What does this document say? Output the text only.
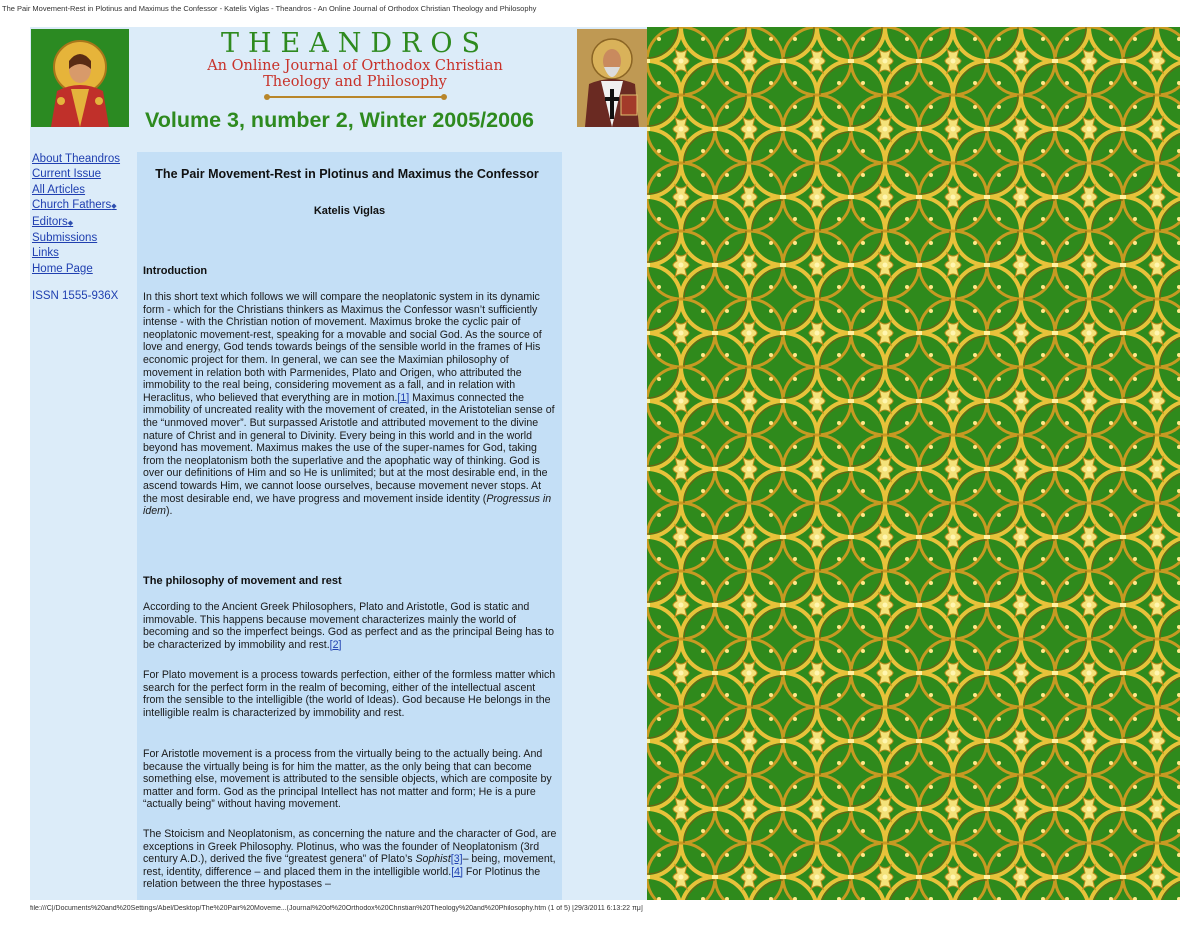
The Pair Movement-Rest in Plotinus and Maximus the Confessor - Katelis Viglas - Theandros - An Online Journal of Orthodox Christian Theology and Philosophy
THEANDROS
An Online Journal of Orthodox Christian
Theology and Philosophy
Volume 3, number 2, Winter 2005/2006
About Theandros
Current Issue
All Articles
Church Fathers◆
Editors◆
Submissions
Links
Home Page
ISSN 1555-936X
The Pair Movement-Rest in Plotinus and Maximus the Confessor
Katelis Viglas
Introduction
In this short text which follows we will compare the neoplatonic system in its dynamic form - which for the Christians thinkers as Maximus the Confessor wasn’t sufficiently intense - with the Christian notion of movement. Maximus broke the cyclic pair of neoplatonic movement-rest, speaking for a movable and social God. As the source of love and energy, God tends towards beings of the sensible world in the frames of His economic project for them. In general, we can see the Maximian philosophy of movement in relation both with Parmenides, Plato and Origen, who attributed the immobility to the real being, considering movement as a fall, and in relation with Heraclitus, who believed that everything are in motion.[1] Maximus connected the immobility of uncreated reality with the movement of created, in the Aristotelian sense of the “unmoved mover”. But surpassed Aristotle and attributed movement to the divine nature of Christ and in general to Divinity. Every being in this world and in the world beyond has movement. Maximus makes the use of the super-names for God, taking from the neoplatonism both the superlative and the apophatic way of thinking. God is over our definitions of Him and so He is unlimited; but at the most desirable end, in the ascend towards Him, we cannot loose ourselves, because movement never stops. At the most desirable end, we have progress and movement inside identity (Progressus in idem).
The philosophy of movement and rest
According to the Ancient Greek Philosophers, Plato and Aristotle, God is static and immovable. This happens because movement characterizes mainly the world of becoming and so the imperfect beings. God as perfect and as the principal Being has to be characterized by immobility and rest.[2]
For Plato movement is a process towards perfection, either of the formless matter which search for the perfect form in the realm of becoming, either of the intellectual ascent from the sensible to the intelligible (the world of Ideas). God because He belongs in the intelligible realm is characterized by immobility and rest.
For Aristotle movement is a process from the virtually being to the actually being. And because the virtually being is for him the matter, as the only being that can become something else, movement is attributed to the sensible objects, which are composite by matter and form. God as the principal Intellect has not matter and form; He is a pure “actually being” without having movement.
The Stoicism and Neoplatonism, as concerning the nature and the character of God, are exceptions in Greek Philosophy. Plotinus, who was the founder of Neoplatonism (3rd century A.D.), derived the five “greatest genera” of Plato’s Sophist[3]– being, movement, rest, identity, difference – and placed them in the intelligible world.[4] For Plotinus the relation between the three hypostases –
file:///C|/Documents%20and%20Settings/Abel/Desktop/The%20Pair%20Moveme...(Journal%20of%20Orthodox%20Christian%20Theology%20and%20Philosophy.htm (1 of 5) [29/3/2011 6:13:22 πμ]
